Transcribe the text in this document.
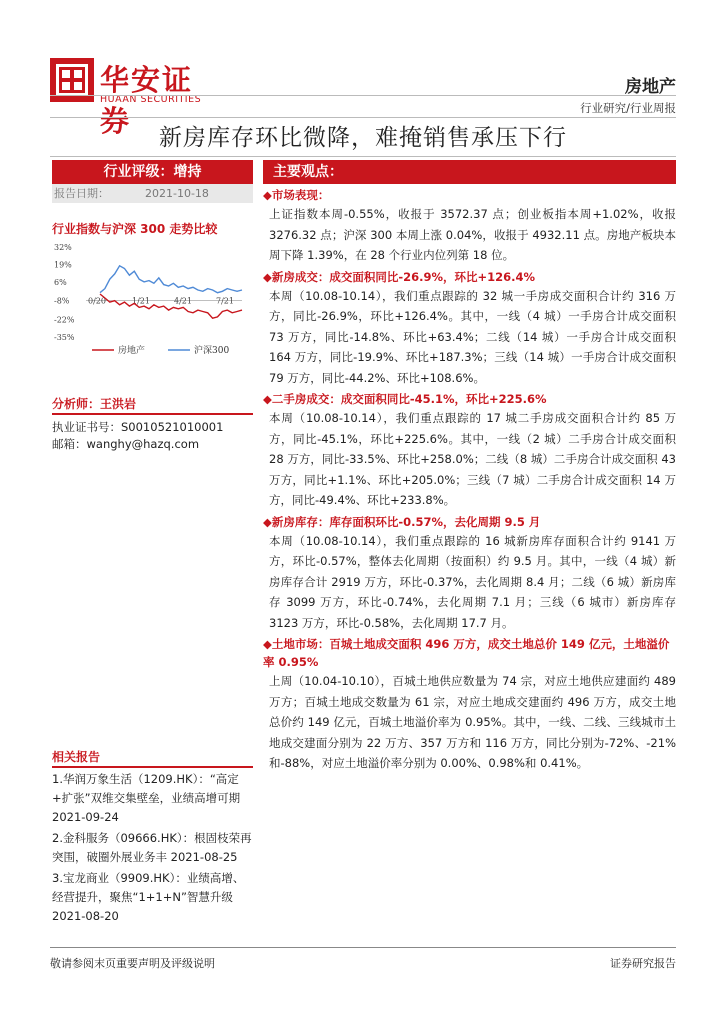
华安证券
HUAAN SECURITIES
房地产
行业研究/行业周报
新房库存环比微降，难掩销售承压下行
行业评级：增持
报告日期：	2021-10-18
行业指数与沪深 300 走势比较
32%
19%
6%
-8%
-22%
-35%
0/20	1/21	4/21	7/21
房地产	沪深300
分析师：王洪岩
执业证书号：S0010521010001
邮箱：wanghy@hazq.com
相关报告
1.华润万象生活（1209.HK）：“高定+扩张”双维交集壁垒，业绩高增可期 2021-09-24
2.金科服务（09666.HK）：根固枝荣再突围，破圈外展业务丰 2021-08-25
3.宝龙商业（9909.HK）：业绩高增、经营提升，聚焦“1+1+N”智慧升级 2021-08-20
主要观点：
◆市场表现：
上证指数本周-0.55%，收报于 3572.37 点；创业板指本周+1.02%，收报 3276.32 点；沪深 300 本周上涨 0.04%，收报于 4932.11 点。房地产板块本周下降 1.39%，在 28 个行业内位列第 18 位。
◆新房成交：成交面积同比-26.9%，环比+126.4%
本周（10.08-10.14），我们重点跟踪的 32 城一手房成交面积合计约 316 万方，同比-26.9%，环比+126.4%。其中，一线（4 城）一手房合计成交面积 73 万方，同比-14.8%、环比+63.4%；二线（14 城）一手房合计成交面积 164 万方，同比-19.9%、环比+187.3%；三线（14 城）一手房合计成交面积 79 万方，同比-44.2%、环比+108.6%。
◆二手房成交：成交面积同比-45.1%，环比+225.6%
本周（10.08-10.14），我们重点跟踪的 17 城二手房成交面积合计约 85 万方，同比-45.1%，环比+225.6%。其中，一线（2 城）二手房合计成交面积 28 万方，同比-33.5%、环比+258.0%；二线（8 城）二手房合计成交面积 43 万方，同比+1.1%、环比+205.0%；三线（7 城）二手房合计成交面积 14 万方，同比-49.4%、环比+233.8%。
◆新房库存：库存面积环比-0.57%，去化周期 9.5 月
本周（10.08-10.14），我们重点跟踪的 16 城新房库存面积合计约 9141 万方，环比-0.57%，整体去化周期（按面积）约 9.5 月。其中，一线（4 城）新房库存合计 2919 万方，环比-0.37%，去化周期 8.4 月；二线（6 城）新房库存 3099 万方，环比-0.74%，去化周期 7.1 月；三线（6 城市）新房库存 3123 万方，环比-0.58%，去化周期 17.7 月。
◆土地市场：百城土地成交面积 496 万方，成交土地总价 149 亿元，土地溢价率 0.95%
上周（10.04-10.10），百城土地供应数量为 74 宗，对应土地供应建面约 489 万方；百城土地成交数量为 61 宗，对应土地成交建面约 496 万方，成交土地总价约 149 亿元，百城土地溢价率为 0.95%。其中，一线、二线、三线城市土地成交建面分别为 22 万方、357 万方和 116 万方，同比分别为-72%、-21%和-88%，对应土地溢价率分别为 0.00%、0.98%和 0.41%。
敬请参阅末页重要声明及评级说明	证券研究报告
